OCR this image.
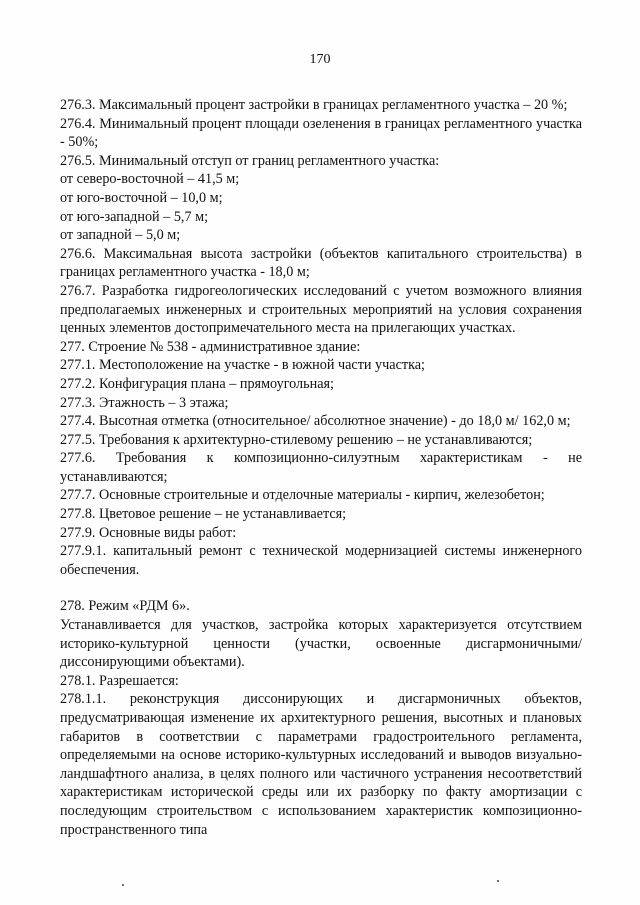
170

276.3. Максимальный процент застройки в границах регламентного участка – 20 %;

276.4. Минимальный процент площади озеленения в границах регламентного участка - 50%;

276.5. Минимальный отступ от границ регламентного участка:

от северо-восточной – 41,5 м;

от юго-восточной – 10,0 м;

от юго-западной – 5,7 м;

от западной – 5,0 м;

276.6. Максимальная высота застройки (объектов капитального строительства) в границах регламентного участка - 18,0 м;

276.7. Разработка гидрогеологических исследований с учетом возможного влияния предполагаемых инженерных и строительных мероприятий на условия сохранения ценных элементов достопримечательного места на прилегающих участках.

277. Строение № 538 - административное здание:

277.1. Местоположение на участке - в южной части участка;

277.2. Конфигурация плана – прямоугольная;

277.3. Этажность – 3 этажа;

277.4. Высотная отметка (относительное/ абсолютное значение) - до 18,0 м/ 162,0 м;

277.5. Требования к архитектурно-стилевому решению – не устанавливаются;

277.6. Требования к композиционно-силуэтным характеристикам - не устанавливаются;

277.7. Основные строительные и отделочные материалы - кирпич, железобетон;

277.8. Цветовое решение – не устанавливается;

277.9. Основные виды работ:

277.9.1. капитальный ремонт с технической модернизацией системы инженерного обеспечения.

278. Режим «РДМ 6».

Устанавливается для участков, застройка которых характеризуется отсутствием историко-культурной ценности (участки, освоенные дисгармоничными/диссонирующими объектами).

278.1. Разрешается:

278.1.1. реконструкция диссонирующих и дисгармоничных объектов, предусматривающая изменение их архитектурного решения, высотных и плановых габаритов в соответствии с параметрами градостроительного регламента, определяемыми на основе историко-культурных исследований и выводов визуально-ландшафтного анализа, в целях полного или частичного устранения несоответствий характеристикам исторической среды или их разборку по факту амортизации с последующим строительством с использованием характеристик композиционно-пространственного типа
